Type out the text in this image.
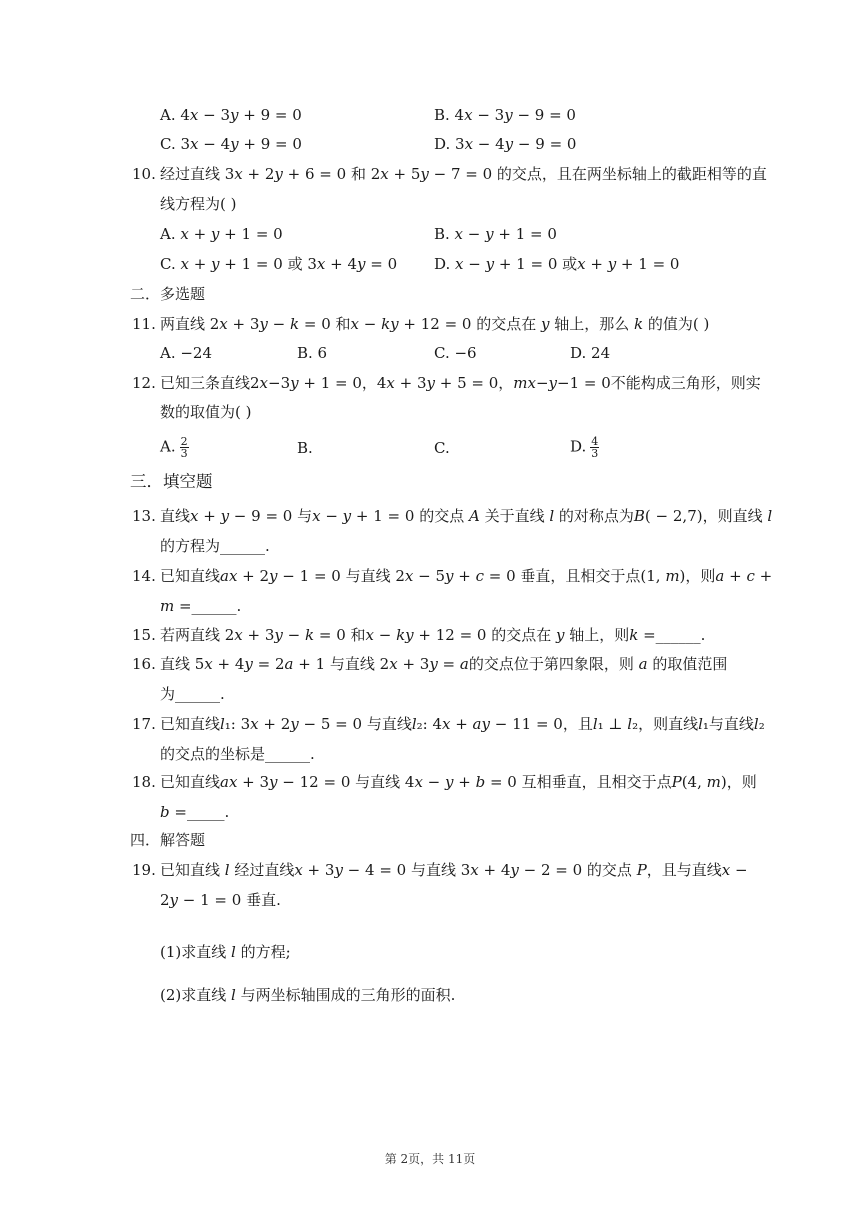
A. 4𝑥 − 3𝑦 + 9 = 0	B. 4𝑥 − 3𝑦 − 9 = 0
C. 3𝑥 − 4𝑦 + 9 = 0	D. 3𝑥 − 4𝑦 − 9 = 0
10. 经过直线 3𝑥 + 2𝑦 + 6 = 0 和 2𝑥 + 5𝑦 − 7 = 0 的交点，且在两坐标轴上的截距相等的直
线方程为( )
A. 𝑥 + 𝑦 + 1 = 0	B. 𝑥 − 𝑦 + 1 = 0
C. 𝑥 + 𝑦 + 1 = 0 或 3𝑥 + 4𝑦 = 0 D. 𝑥 − 𝑦 + 1 = 0 或𝑥 + 𝑦 + 1 = 0
二．多选题
11. 两直线 2𝑥 + 3𝑦 − 𝑘 = 0 和𝑥 − 𝑘𝑦 + 12 = 0 的交点在 𝑦 轴上，那么 𝑘 的值为( )
A. −24	B. 6	C. −6	D. 24
12. 已知三条直线2𝑥−3𝑦 + 1 = 0，4𝑥 + 3𝑦 + 5 = 0，𝑚𝑥−𝑦−1 = 0不能构成三角形，则实
数的取值为( )
A. $\frac{2}{3}$	B.	C.	D. $\frac{4}{3}$
三．填空题
13. 直线𝑥 + 𝑦 − 9 = 0 与𝑥 − 𝑦 + 1 = 0 的交点 𝐴 关于直线 𝑙 的对称点为𝐵( − 2,7)，则直线 𝑙
的方程为______.
14. 已知直线𝑎𝑥 + 2𝑦 − 1 = 0 与直线 2𝑥 − 5𝑦 + 𝑐 = 0 垂直，且相交于点(1, 𝑚)，则𝑎 + 𝑐 +
𝑚 =______.
15. 若两直线 2𝑥 + 3𝑦 − 𝑘 = 0 和𝑥 − 𝑘𝑦 + 12 = 0 的交点在 𝑦 轴上，则𝑘 =______.
16. 直线 5𝑥 + 4𝑦 = 2𝑎 + 1 与直线 2𝑥 + 3𝑦 = 𝑎的交点位于第四象限，则 𝑎 的取值范围
为______.
17. 已知直线𝑙₁: 3𝑥 + 2𝑦 − 5 = 0 与直线𝑙₂: 4𝑥 + 𝑎𝑦 − 11 = 0，且𝑙₁ ⊥ 𝑙₂，则直线𝑙₁与直线𝑙₂
的交点的坐标是______.
18. 已知直线𝑎𝑥 + 3𝑦 − 12 = 0 与直线 4𝑥 − 𝑦 + 𝑏 = 0 互相垂直，且相交于点𝑃(4, 𝑚)，则
𝑏 =_____.
四．解答题
19. 已知直线 𝑙 经过直线𝑥 + 3𝑦 − 4 = 0 与直线 3𝑥 + 4𝑦 − 2 = 0 的交点 𝑃，且与直线𝑥 −
2𝑦 − 1 = 0 垂直.
(1)求直线 𝑙 的方程;
(2)求直线 𝑙 与两坐标轴围成的三角形的面积.
第 2页，共 11页
